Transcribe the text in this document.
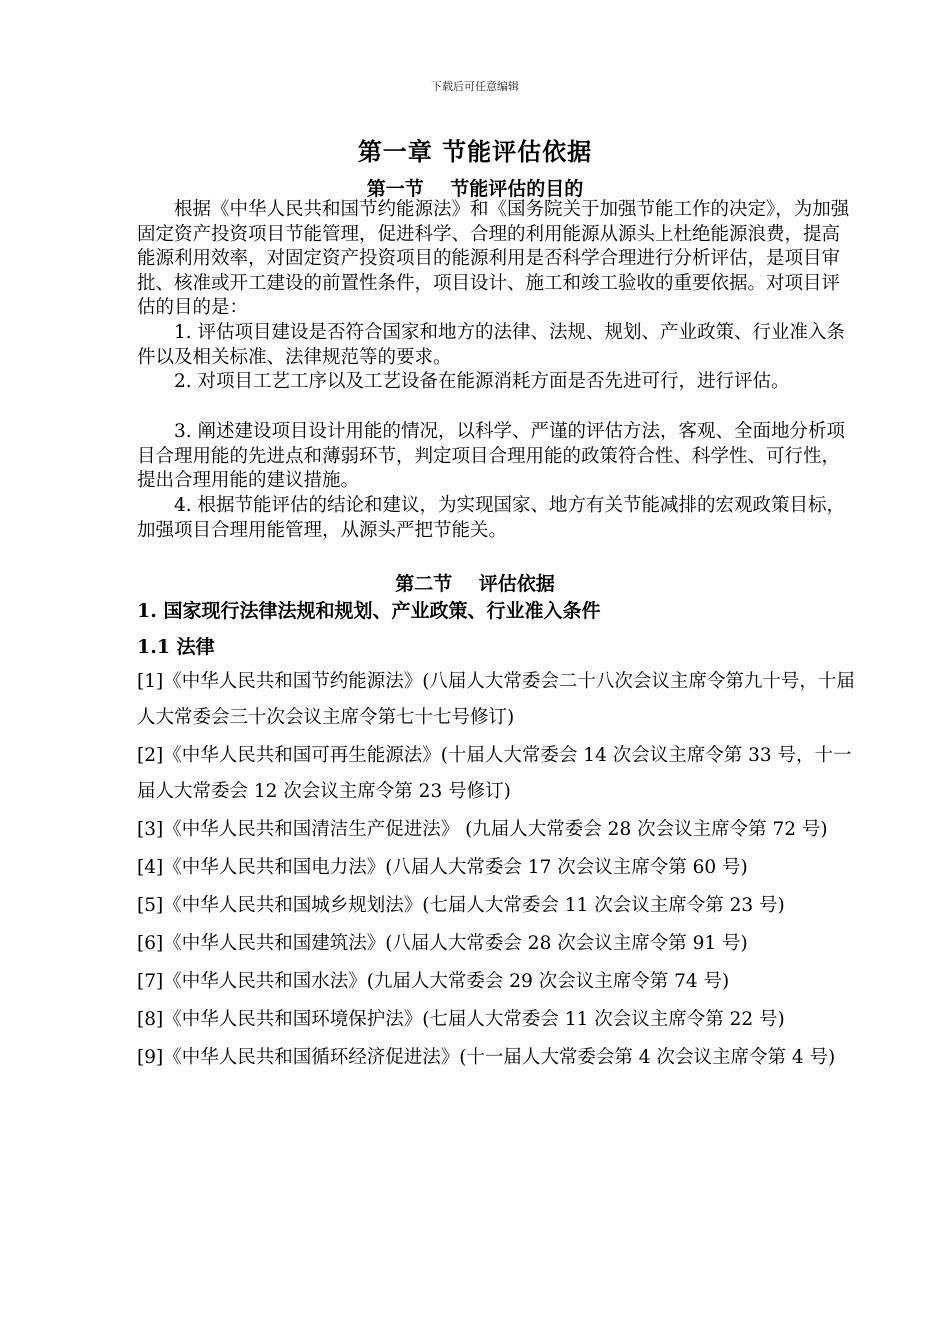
下载后可任意编辑
第一章 节能评估依据
第一节    节能评估的目的

根据《中华人民共和国节约能源法》和《国务院关于加强节能工作的决定》，为加强固定资产投资项目节能管理，促进科学、合理的利用能源从源头上杜绝能源浪费，提高能源利用效率，对固定资产投资项目的能源利用是否科学合理进行分析评估，是项目审批、核准或开工建设的前置性条件，项目设计、施工和竣工验收的重要依据。对项目评估的目的是：

1. 评估项目建设是否符合国家和地方的法律、法规、规划、产业政策、行业准入条件以及相关标准、法律规范等的要求。

2. 对项目工艺工序以及工艺设备在能源消耗方面是否先进可行，进行评估。

3. 阐述建设项目设计用能的情况，以科学、严谨的评估方法，客观、全面地分析项目合理用能的先进点和薄弱环节，判定项目合理用能的政策符合性、科学性、可行性，提出合理用能的建议措施。

4. 根据节能评估的结论和建议，为实现国家、地方有关节能减排的宏观政策目标，加强项目合理用能管理，从源头严把节能关。

第二节    评估依据
1. 国家现行法律法规和规划、产业政策、行业准入条件
1.1 法律
[1]《中华人民共和国节约能源法》(八届人大常委会二十八次会议主席令第九十号，十届人大常委会三十次会议主席令第七十七号修订)
[2]《中华人民共和国可再生能源法》(十届人大常委会 14 次会议主席令第 33 号，十一届人大常委会 12 次会议主席令第 23 号修订)
[3]《中华人民共和国清洁生产促进法》 (九届人大常委会 28 次会议主席令第 72 号)
[4]《中华人民共和国电力法》(八届人大常委会 17 次会议主席令第 60 号)
[5]《中华人民共和国城乡规划法》(七届人大常委会 11 次会议主席令第 23 号)
[6]《中华人民共和国建筑法》(八届人大常委会 28 次会议主席令第 91 号)
[7]《中华人民共和国水法》(九届人大常委会 29 次会议主席令第 74 号)
[8]《中华人民共和国环境保护法》(七届人大常委会 11 次会议主席令第 22 号)
[9]《中华人民共和国循环经济促进法》(十一届人大常委会第 4 次会议主席令第 4 号)
